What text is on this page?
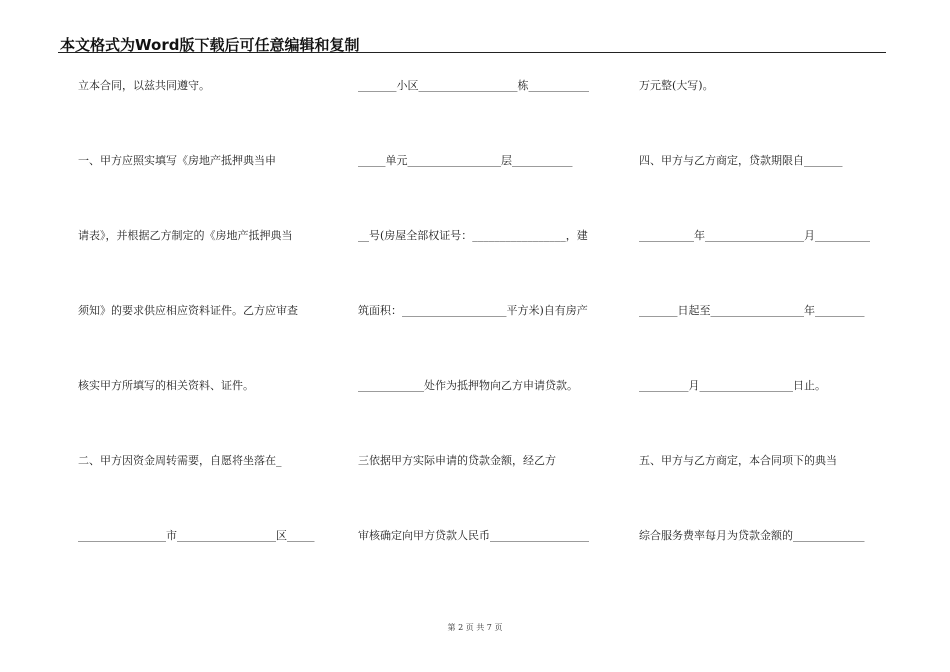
本文格式为Word版下载后可任意编辑和复制
立本合同，以兹共同遵守。
一、甲方应照实填写《房地产抵押典当申
请表》，并根据乙方制定的《房地产抵押典当
须知》的要求供应相应资料证件。乙方应审查
核实甲方所填写的相关资料、证件。
二、甲方因资金周转需要，自愿将坐落在_
________________市__________________区_____
_______小区__________________栋___________
_____单元_________________层___________
__号(房屋全部权证号：_________________，建
筑面积：___________________平方米)自有房产
____________处作为抵押物向乙方申请贷款。
三依据甲方实际申请的贷款金额，经乙方
审核确定向甲方贷款人民币__________________
万元整(大写)。
四、甲方与乙方商定，贷款期限自_______
__________年__________________月__________
_______日起至_________________年_________
_________月_________________日止。
五、甲方与乙方商定，本合同项下的典当
综合服务费率每月为贷款金额的_____________
第 2 页 共 7 页
